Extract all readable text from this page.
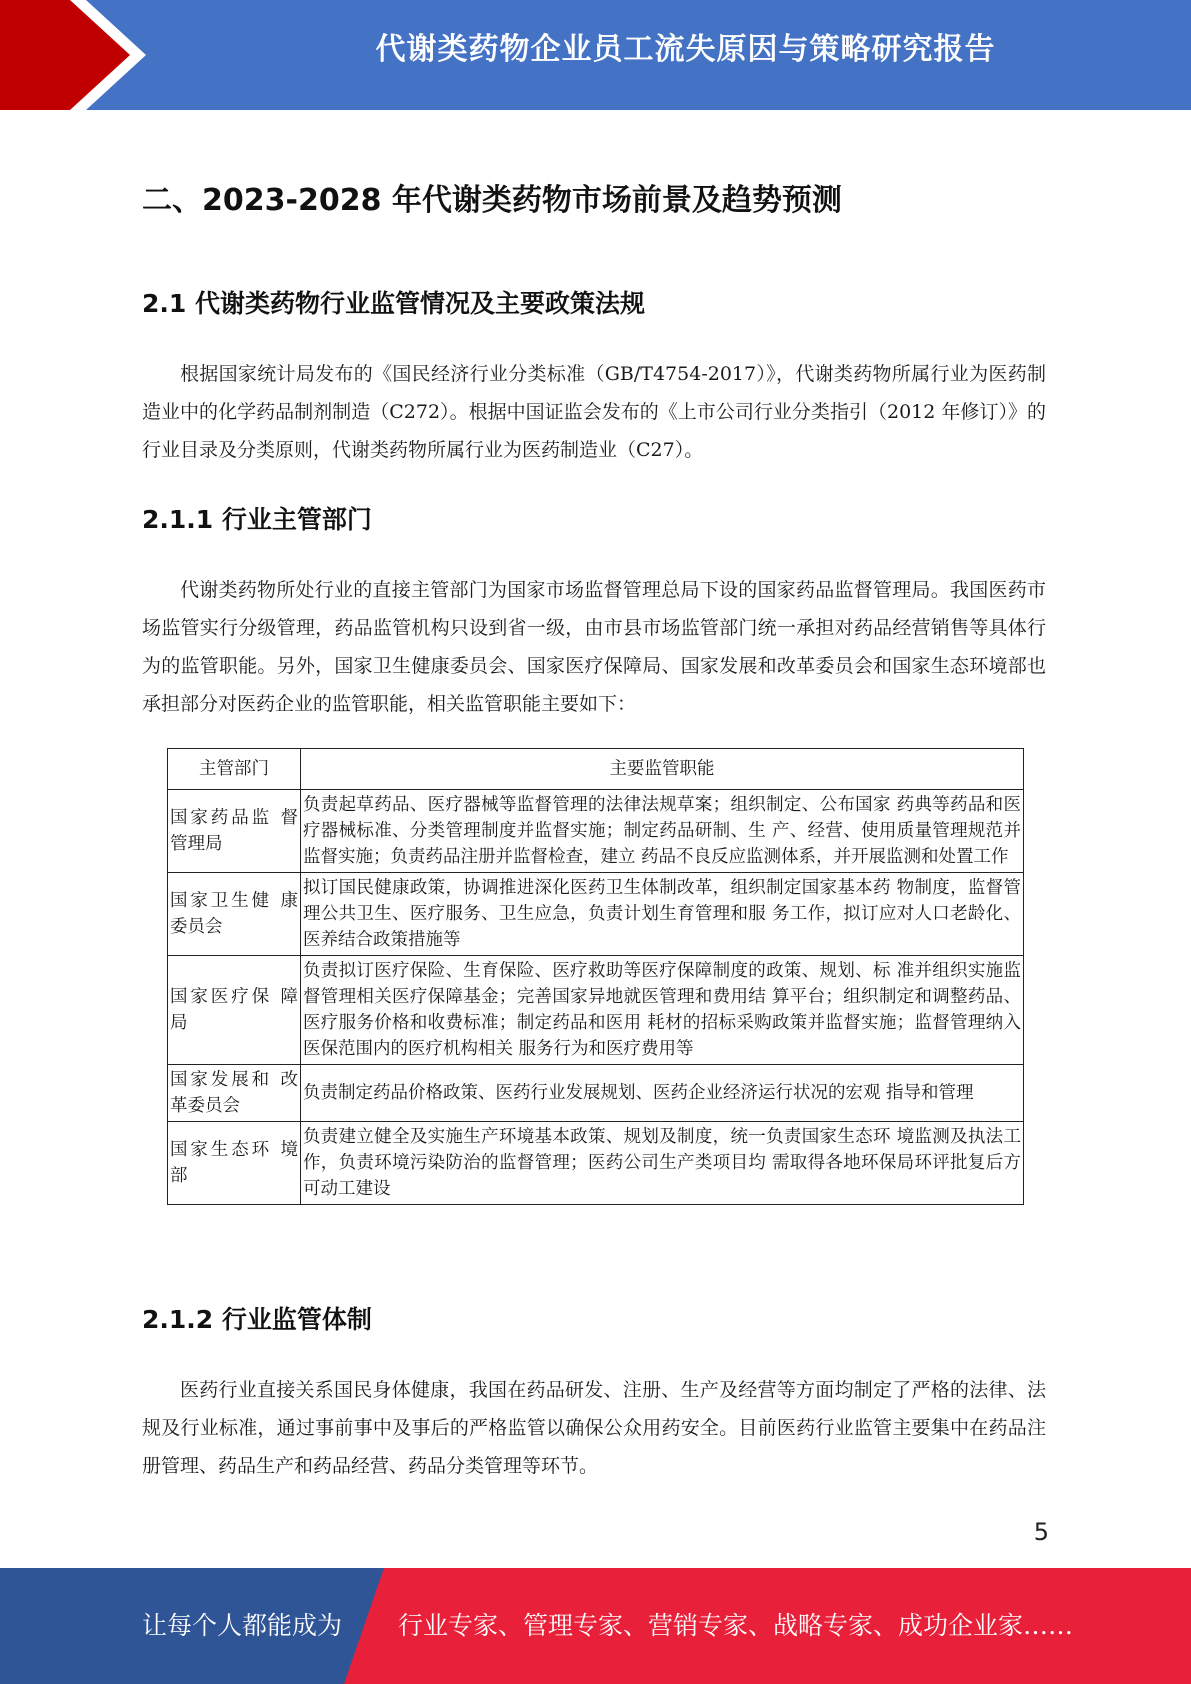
代谢类药物企业员工流失原因与策略研究报告
二、2023-2028 年代谢类药物市场前景及趋势预测
2.1 代谢类药物行业监管情况及主要政策法规
根据国家统计局发布的《国民经济行业分类标准（GB/T4754-2017）》，代谢类药物所属行业为医药制造业中的化学药品制剂制造（C272）。根据中国证监会发布的《上市公司行业分类指引（2012 年修订）》的行业目录及分类原则，代谢类药物所属行业为医药制造业（C27）。
2.1.1 行业主管部门
代谢类药物所处行业的直接主管部门为国家市场监督管理总局下设的国家药品监督管理局。我国医药市场监管实行分级管理，药品监管机构只设到省一级，由市县市场监管部门统一承担对药品经营销售等具体行为的监管职能。另外，国家卫生健康委员会、国家医疗保障局、国家发展和改革委员会和国家生态环境部也承担部分对医药企业的监管职能，相关监管职能主要如下：
主管部门	主要监管职能
国家药品监 督管理局	负责起草药品、医疗器械等监督管理的法律法规草案；组织制定、公布国家 药典等药品和医疗器械标准、分类管理制度并监督实施；制定药品研制、生 产、经营、使用质量管理规范并监督实施；负责药品注册并监督检查，建立 药品不良反应监测体系，并开展监测和处置工作
国家卫生健 康委员会	拟订国民健康政策，协调推进深化医药卫生体制改革，组织制定国家基本药 物制度，监督管理公共卫生、医疗服务、卫生应急，负责计划生育管理和服 务工作，拟订应对人口老龄化、医养结合政策措施等
国家医疗保 障局	负责拟订医疗保险、生育保险、医疗救助等医疗保障制度的政策、规划、标 准并组织实施监督管理相关医疗保障基金；完善国家异地就医管理和费用结 算平台；组织制定和调整药品、医疗服务价格和收费标准；制定药品和医用 耗材的招标采购政策并监督实施；监督管理纳入医保范围内的医疗机构相关 服务行为和医疗费用等
国家发展和 改革委员会	负责制定药品价格政策、医药行业发展规划、医药企业经济运行状况的宏观 指导和管理
国家生态环 境部	负责建立健全及实施生产环境基本政策、规划及制度，统一负责国家生态环 境监测及执法工作，负责环境污染防治的监督管理；医药公司生产类项目均 需取得各地环保局环评批复后方可动工建设
2.1.2 行业监管体制
医药行业直接关系国民身体健康，我国在药品研发、注册、生产及经营等方面均制定了严格的法律、法规及行业标准，通过事前事中及事后的严格监管以确保公众用药安全。目前医药行业监管主要集中在药品注册管理、药品生产和药品经营、药品分类管理等环节。
5
让每个人都能成为 行业专家、管理专家、营销专家、战略专家、成功企业家……
